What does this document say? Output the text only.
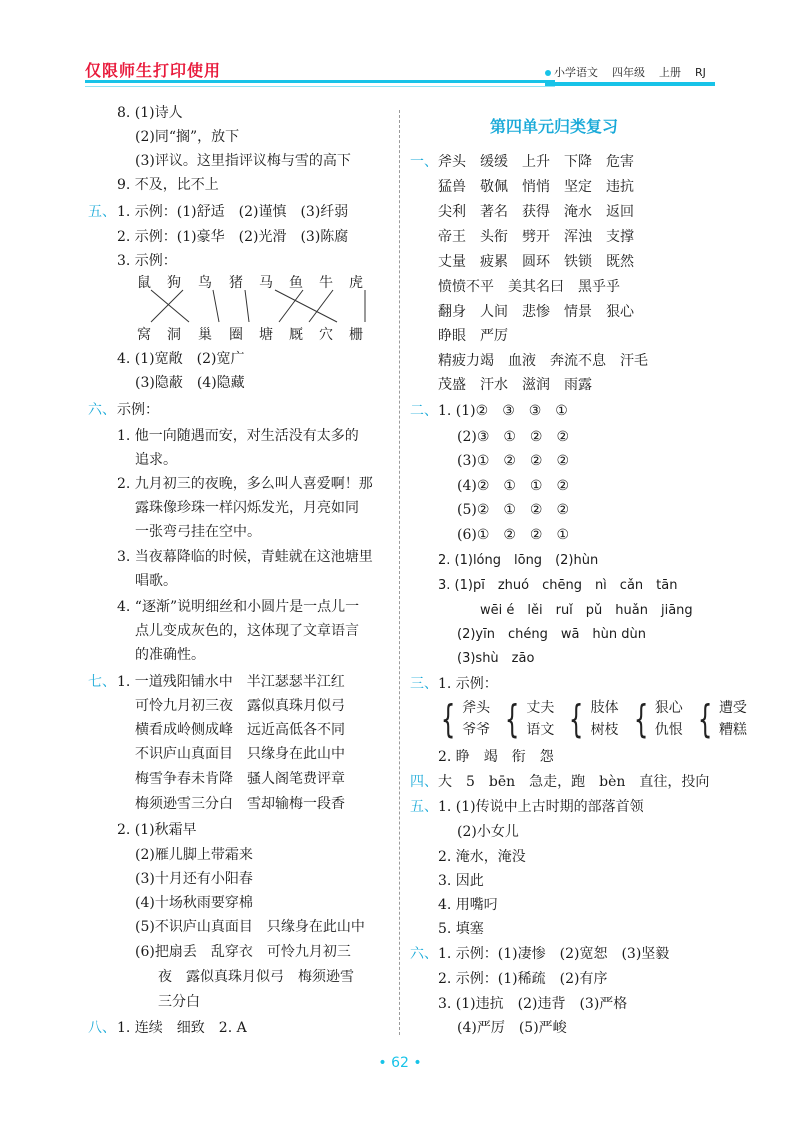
仅限师生打印使用	小学语文 四年级 上册 RJ
8. (1)诗人
(2)同“搁”，放下
(3)评议。这里指评议梅与雪的高下
9. 不及，比不上
五、 1. 示例：(1)舒适　(2)谨慎　(3)纤弱
2. 示例：(1)豪华　(2)光滑　(3)陈腐
3. 示例：
鼠 狗 鸟 猪 马 鱼 牛 虎
窝 洞 巢 圈 塘 厩 穴 栅
4. (1)宽敞　(2)宽广
(3)隐蔽　(4)隐藏
六、 示例：
1. 他一向随遇而安，对生活没有太多的
追求。
2. 九月初三的夜晚，多么叫人喜爱啊！那
露珠像珍珠一样闪烁发光，月亮如同
一张弯弓挂在空中。
3. 当夜幕降临的时候，青蛙就在这池塘里
唱歌。
4. “逐渐”说明细丝和小圆片是一点儿一
点儿变成灰色的，这体现了文章语言
的准确性。
七、 1. 一道残阳铺水中　半江瑟瑟半江红
可怜九月初三夜　露似真珠月似弓
横看成岭侧成峰　远近高低各不同
不识庐山真面目　只缘身在此山中
梅雪争春未肯降　骚人阁笔费评章
梅须逊雪三分白　雪却输梅一段香
2. (1)秋霜早
(2)雁儿脚上带霜来
(3)十月还有小阳春
(4)十场秋雨要穿棉
(5)不识庐山真面目　只缘身在此山中
(6)把扇丢　乱穿衣　可怜九月初三
夜　露似真珠月似弓　梅须逊雪
三分白
八、 1. 连续　细致　2. A
第四单元归类复习
一、 斧头　缓缓　上升　下降　危害
猛兽　敬佩　悄悄　坚定　违抗
尖利　著名　获得　淹水　返回
帝王　头衔　劈开　浑浊　支撑
丈量　疲累　圆环　铁锁　既然
愤愤不平　美其名曰　黑乎乎
翻身　人间　悲惨　情景　狠心
睁眼　严厉
精疲力竭　血液　奔流不息　汗毛
茂盛　汗水　滋润　雨露
二、 1. (1)②　③　③　①
(2)③　①　②　②
(3)①　②　②　②
(4)②　①　①　②
(5)②　①　②　②
(6)①　②　②　①
2. (1)lóng　lōng　(2)hùn
3. (1)pī　zhuó　chēng　nì　cǎn　tān
wēi é　lěi　ruǐ　pǔ　huǎn　jiāng
(2)yīn　chéng　wā　hùn dùn
(3)shù　zāo
三、 1. 示例：
{ 斧头
爷爷 { 丈夫
语文 { 肢体
树枝 { 狠心
仇恨 { 遭受
糟糕
2. 睁　竭　衔　怨
四、 大　5　bēn　急走，跑　bèn　直往，投向
五、 1. (1)传说中上古时期的部落首领
(2)小女儿
2. 淹水，淹没
3. 因此
4. 用嘴叼
5. 填塞
六、 1. 示例：(1)凄惨　(2)宽恕　(3)坚毅
2. 示例：(1)稀疏　(2)有序
3. (1)违抗　(2)违背　(3)严格
(4)严厉　(5)严峻
• 62 •
